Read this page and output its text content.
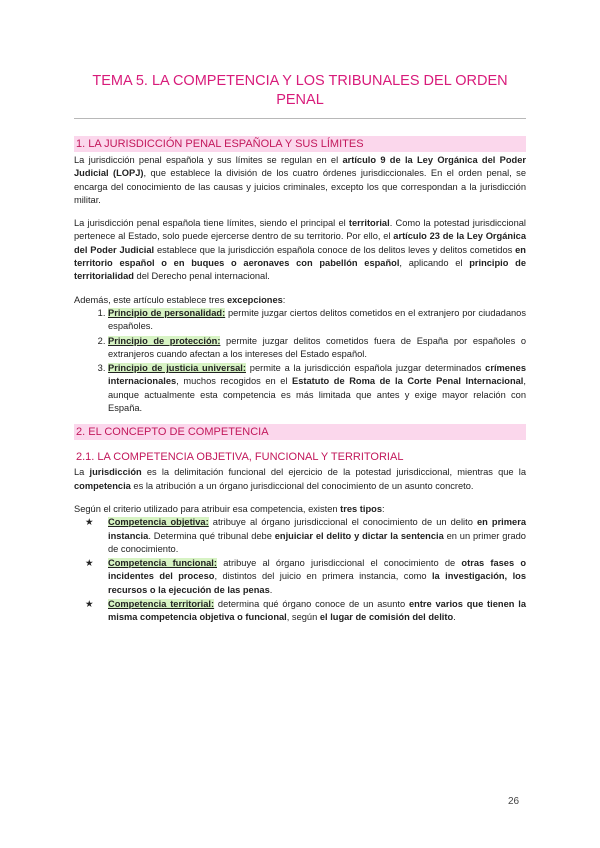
TEMA 5. LA COMPETENCIA Y LOS TRIBUNALES DEL ORDEN PENAL
1. LA JURISDICCIÓN PENAL ESPAÑOLA Y SUS LÍMITES

La jurisdicción penal española y sus límites se regulan en el artículo 9 de la Ley Orgánica del Poder Judicial (LOPJ), que establece la división de los cuatro órdenes jurisdiccionales. En el orden penal, se encarga del conocimiento de las causas y juicios criminales, excepto los que correspondan a la jurisdicción militar.

La jurisdicción penal española tiene límites, siendo el principal el territorial. Como la potestad jurisdiccional pertenece al Estado, solo puede ejercerse dentro de su territorio. Por ello, el artículo 23 de la Ley Orgánica del Poder Judicial establece que la jurisdicción española conoce de los delitos leves y delitos cometidos en territorio español o en buques o aeronaves con pabellón español, aplicando el principio de territorialidad del Derecho penal internacional.

Además, este artículo establece tres excepciones:

1. Principio de personalidad: permite juzgar ciertos delitos cometidos en el extranjero por ciudadanos españoles.
2. Principio de protección: permite juzgar delitos cometidos fuera de España por españoles o extranjeros cuando afectan a los intereses del Estado español.
3. Principio de justicia universal: permite a la jurisdicción española juzgar determinados crímenes internacionales, muchos recogidos en el Estatuto de Roma de la Corte Penal Internacional, aunque actualmente esta competencia es más limitada que antes y exige mayor relación con España.
2. EL CONCEPTO DE COMPETENCIA
2.1. LA COMPETENCIA OBJETIVA, FUNCIONAL Y TERRITORIAL

La jurisdicción es la delimitación funcional del ejercicio de la potestad jurisdiccional, mientras que la competencia es la atribución a un órgano jurisdiccional del conocimiento de un asunto concreto.

Según el criterio utilizado para atribuir esa competencia, existen tres tipos:

★ Competencia objetiva: atribuye al órgano jurisdiccional el conocimiento de un delito en primera instancia. Determina qué tribunal debe enjuiciar el delito y dictar la sentencia en un primer grado de conocimiento.
★ Competencia funcional: atribuye al órgano jurisdiccional el conocimiento de otras fases o incidentes del proceso, distintos del juicio en primera instancia, como la investigación, los recursos o la ejecución de las penas.
★ Competencia territorial: determina qué órgano conoce de un asunto entre varios que tienen la misma competencia objetiva o funcional, según el lugar de comisión del delito.
26
